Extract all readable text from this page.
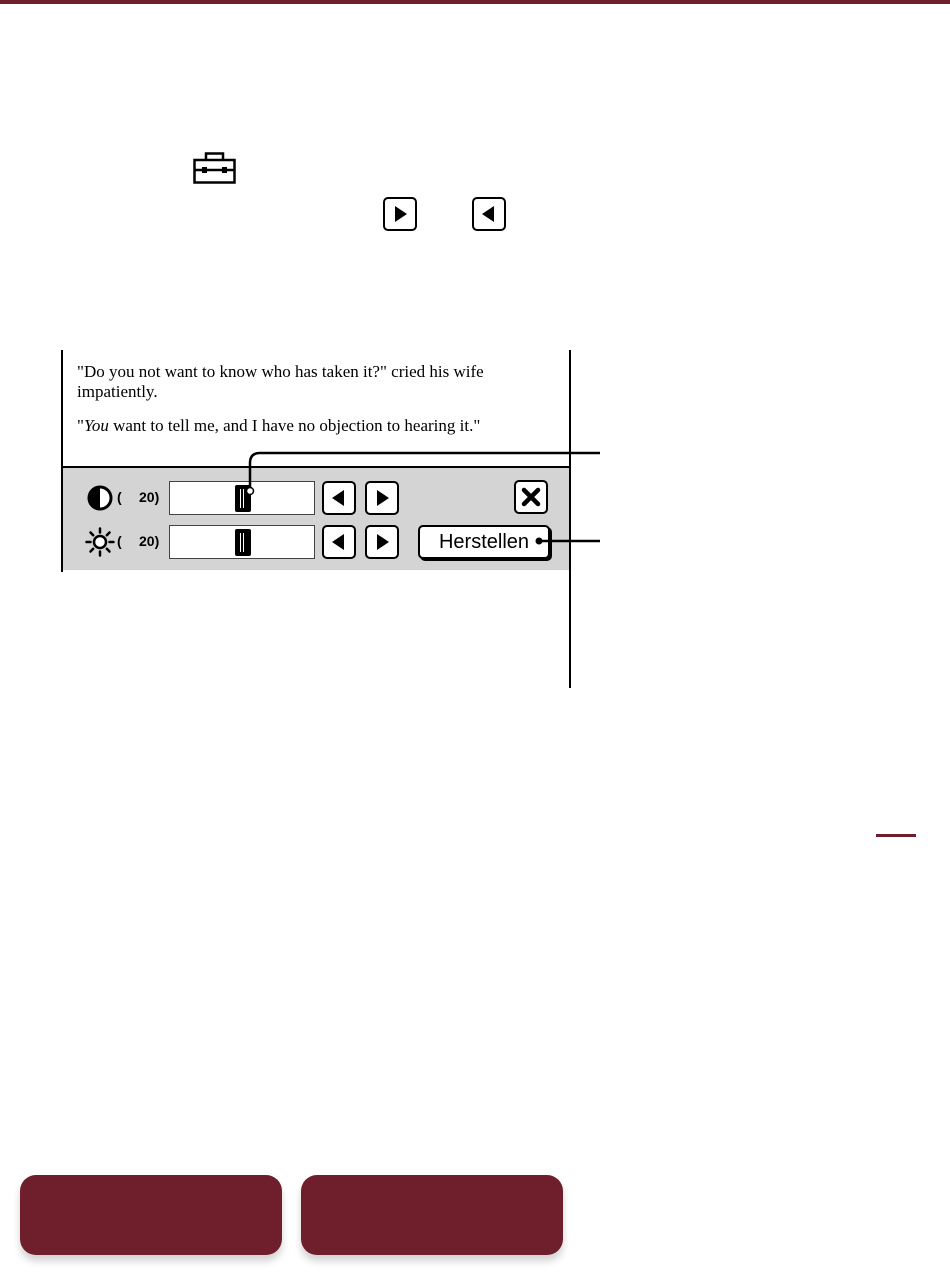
"Do you not want to know who has taken it?" cried his wife impatiently.

"You want to tell me, and I have no objection to hearing it."

( 20)
( 20)	Herstellen
